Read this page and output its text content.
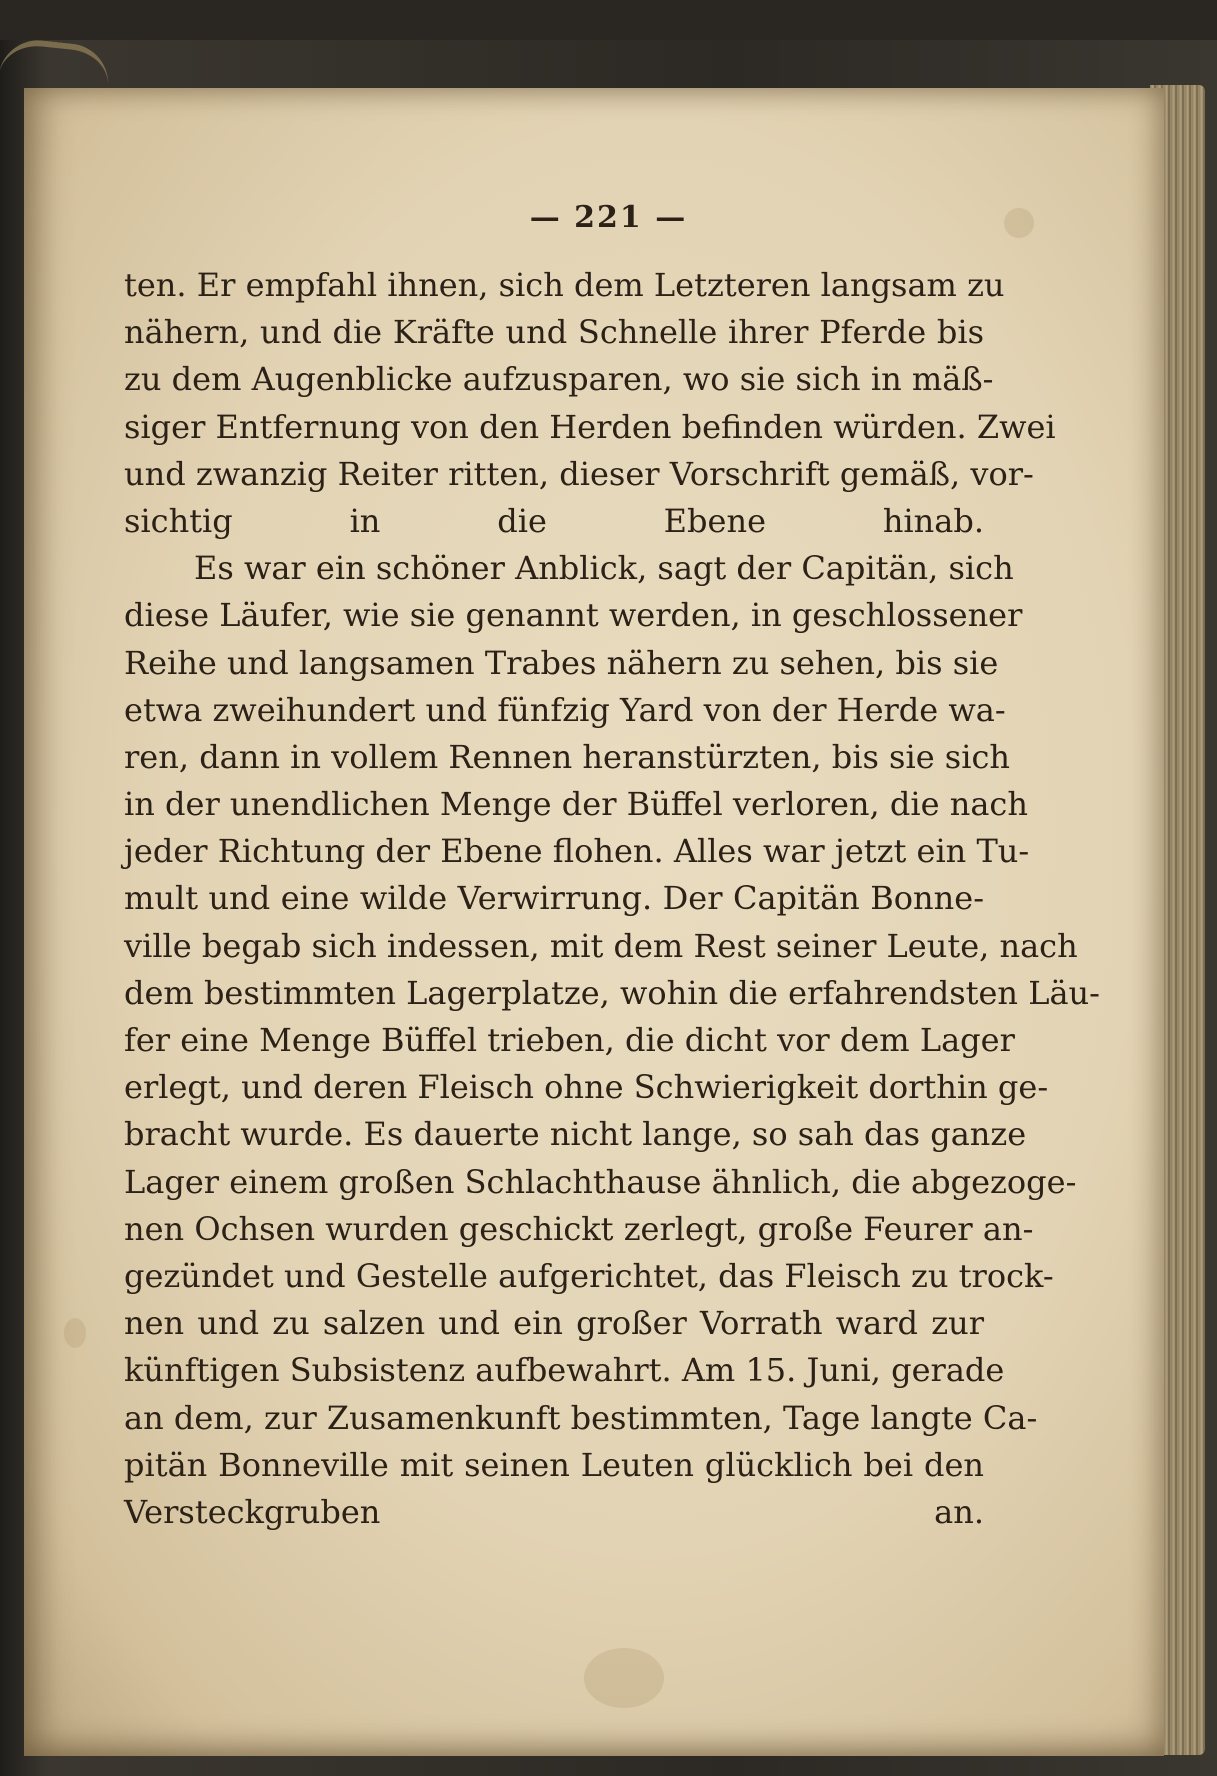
— 221 —
ten. Er empfahl ihnen, sich dem Letzteren langsam zu
nähern, und die Kräfte und Schnelle ihrer Pferde bis
zu dem Augenblicke aufzusparen, wo sie sich in mäß-
siger Entfernung von den Herden befinden würden. Zwei
und zwanzig Reiter ritten, dieser Vorschrift gemäß, vor-
sichtig in die Ebene hinab.
Es war ein schöner Anblick, sagt der Capitän, sich
diese Läufer, wie sie genannt werden, in geschlossener
Reihe und langsamen Trabes nähern zu sehen, bis sie
etwa zweihundert und fünfzig Yard von der Herde wa-
ren, dann in vollem Rennen heranstürzten, bis sie sich
in der unendlichen Menge der Büffel verloren, die nach
jeder Richtung der Ebene flohen. Alles war jetzt ein Tu-
mult und eine wilde Verwirrung. Der Capitän Bonne-
ville begab sich indessen, mit dem Rest seiner Leute, nach
dem bestimmten Lagerplatze, wohin die erfahrendsten Läu-
fer eine Menge Büffel trieben, die dicht vor dem Lager
erlegt, und deren Fleisch ohne Schwierigkeit dorthin ge-
bracht wurde. Es dauerte nicht lange, so sah das ganze
Lager einem großen Schlachthause ähnlich, die abgezoge-
nen Ochsen wurden geschickt zerlegt, große Feurer an-
gezündet und Gestelle aufgerichtet, das Fleisch zu trock-
nen und zu salzen und ein großer Vorrath ward zur
künftigen Subsistenz aufbewahrt. Am 15. Juni, gerade
an dem, zur Zusamenkunft bestimmten, Tage langte Ca-
pitän Bonneville mit seinen Leuten glücklich bei den
Versteckgruben an.
